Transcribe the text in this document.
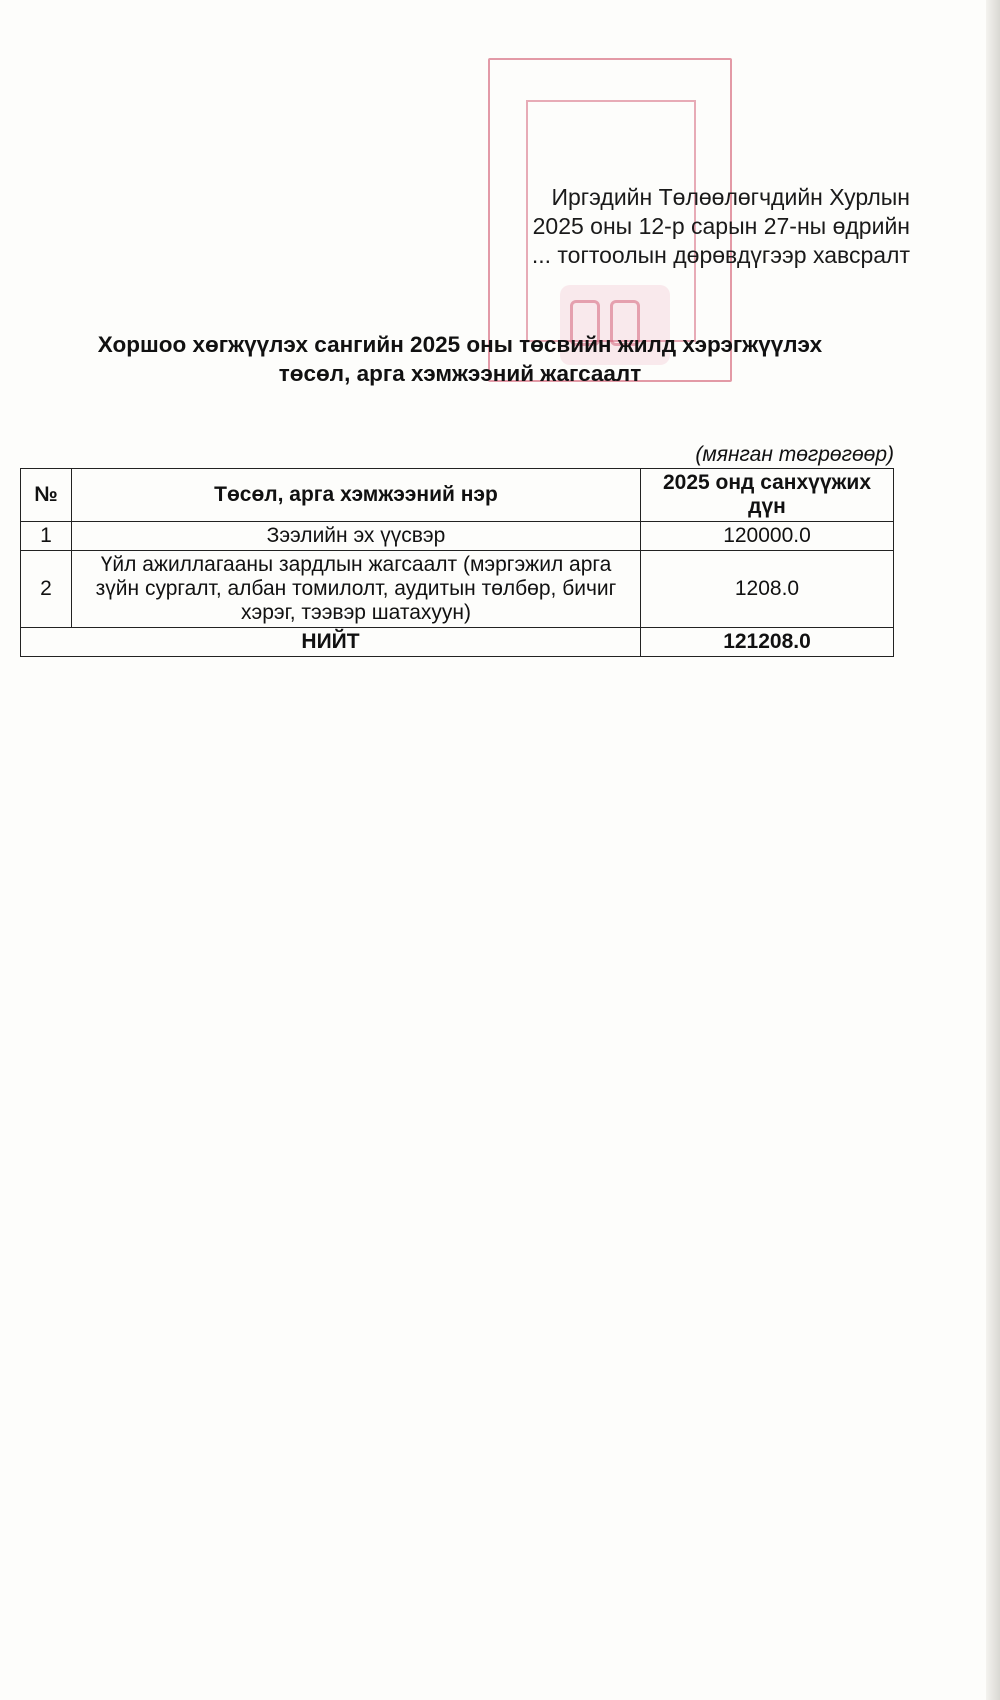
Иргэдийн Төлөөлөгчдийн Хурлын
2025 оны 12-р сарын 27-ны өдрийн
... тогтоолын дөрөвдүгээр хавсралт
Хоршоо хөгжүүлэх сангийн 2025 оны төсвийн жилд хэрэгжүүлэх
төсөл, арга хэмжээний жагсаалт
(мянган төгрөгөөр)
№	Төсөл, арга хэмжээний нэр	2025 онд санхүүжих дүн
1	Зээлийн эх үүсвэр	120000.0
2	Үйл ажиллагааны зардлын жагсаалт (мэргэжил арга зүйн сургалт, албан томилолт, аудитын төлбөр, бичиг хэрэг, тээвэр шатахуун)	1208.0
НИЙТ		121208.0
